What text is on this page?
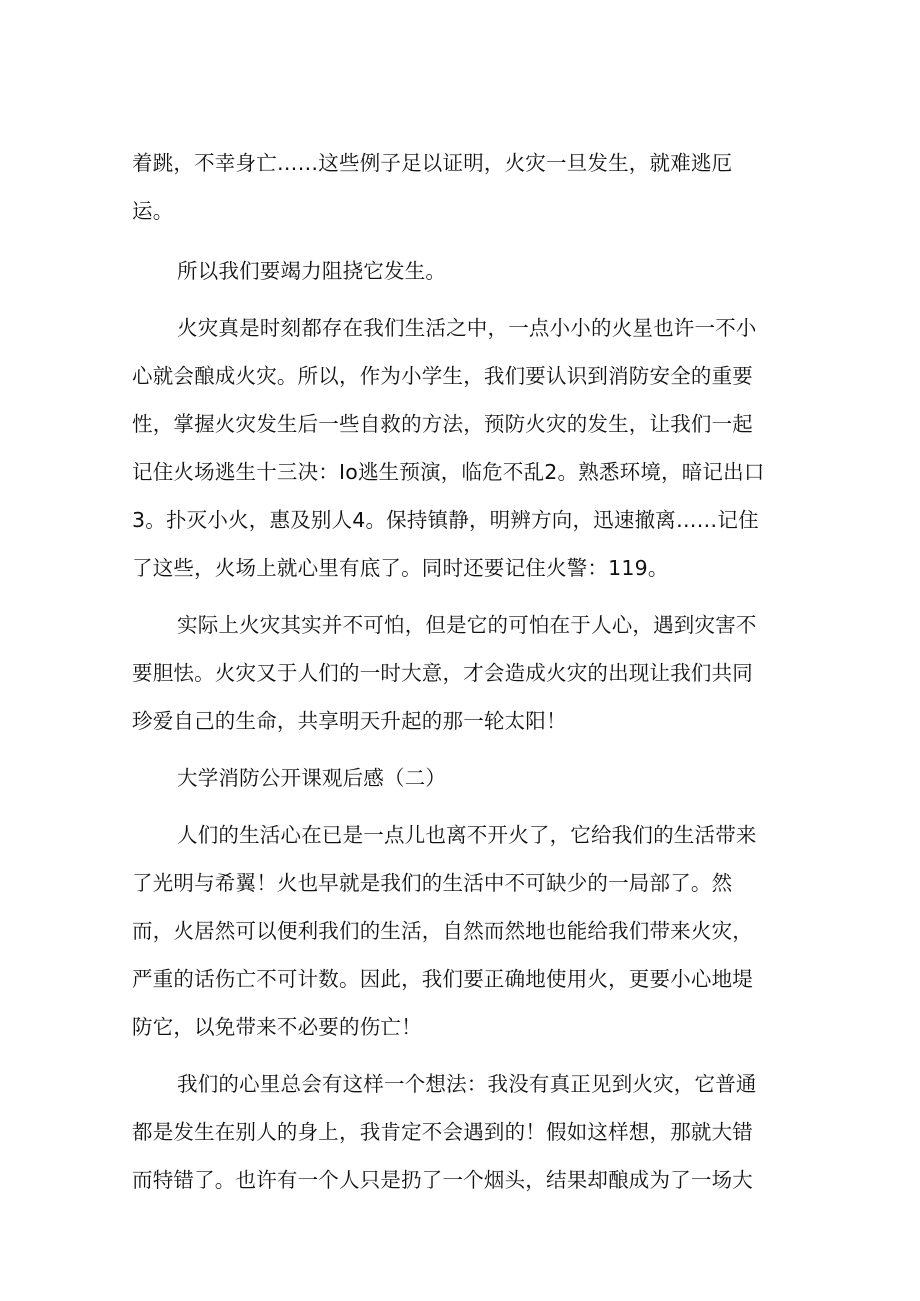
着跳，不幸身亡……这些例子足以证明，火灾一旦发生，就难逃厄
运。
所以我们要竭力阻挠它发生。
火灾真是时刻都存在我们生活之中，一点小小的火星也许一不小
心就会酿成火灾。所以，作为小学生，我们要认识到消防安全的重要
性，掌握火灾发生后一些自救的方法，预防火灾的发生，让我们一起
记住火场逃生十三决：Io逃生预演，临危不乱2。熟悉环境，暗记出口
3。扑灭小火，惠及别人4。保持镇静，明辨方向，迅速撤离……记住
了这些，火场上就心里有底了。同时还要记住火警：119。
实际上火灾其实并不可怕，但是它的可怕在于人心，遇到灾害不
要胆怯。火灾又于人们的一时大意，才会造成火灾的出现让我们共同
珍爱自己的生命，共享明天升起的那一轮太阳！
大学消防公开课观后感（二）
人们的生活心在已是一点儿也离不开火了，它给我们的生活带来
了光明与希翼！火也早就是我们的生活中不可缺少的一局部了。然
而，火居然可以便利我们的生活，自然而然地也能给我们带来火灾，
严重的话伤亡不可计数。因此，我们要正确地使用火，更要小心地堤
防它，以免带来不必要的伤亡！
我们的心里总会有这样一个想法：我没有真正见到火灾，它普通
都是发生在别人的身上，我肯定不会遇到的！假如这样想，那就大错
而特错了。也许有一个人只是扔了一个烟头，结果却酿成为了一场大
